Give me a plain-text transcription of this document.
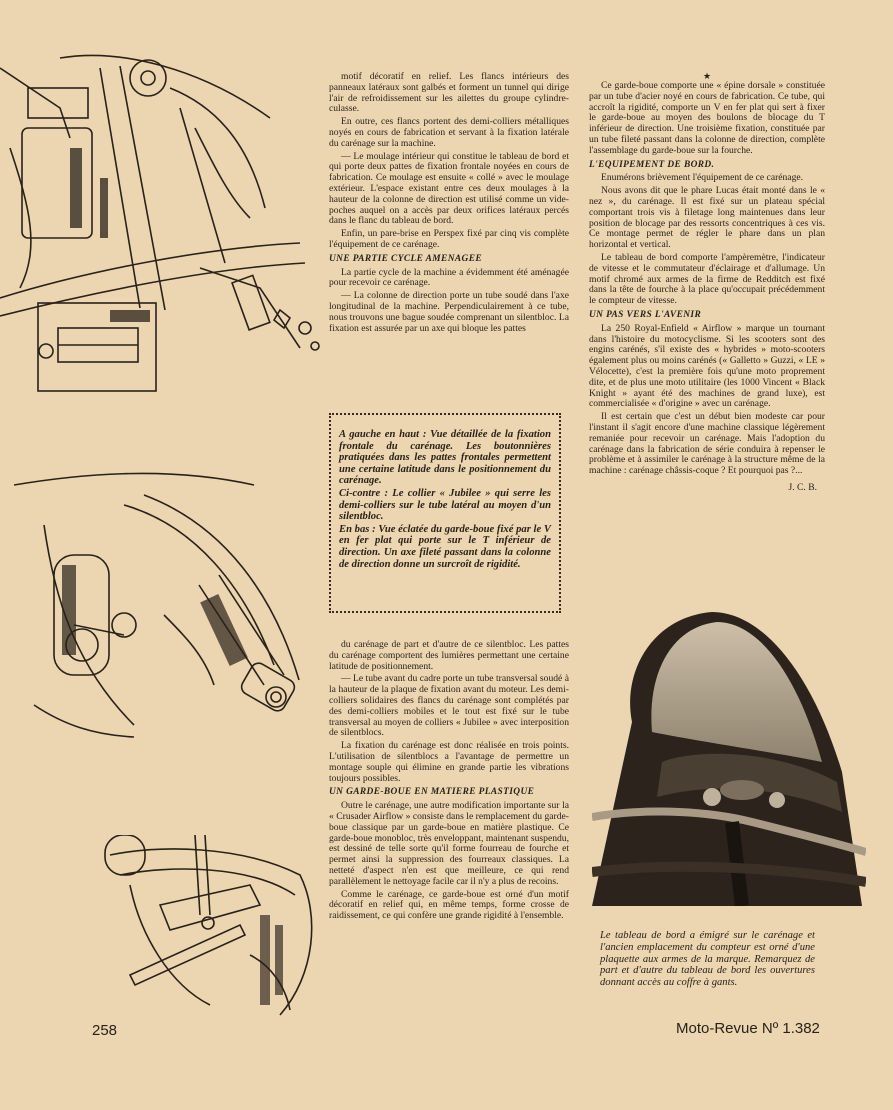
motif décoratif en relief. Les flancs intérieurs des panneaux latéraux sont galbés et forment un tunnel qui dirige l'air de refroidissement sur les ailettes du groupe cylindre-culasse.

En outre, ces flancs portent des demi-colliers métalliques noyés en cours de fabrication et servant à la fixation latérale du carénage sur la machine.

— Le moulage intérieur qui constitue le tableau de bord et qui porte deux pattes de fixation frontale noyées en cours de fabrication. Ce moulage est ensuite « collé » avec le moulage extérieur. L'espace existant entre ces deux moulages à la hauteur de la colonne de direction est utilisé comme un vide-poches auquel on a accès par deux orifices latéraux percés dans le flanc du tableau de bord.

Enfin, un pare-brise en Perspex fixé par cinq vis complète l'équipement de ce carénage.

UNE PARTIE CYCLE AMENAGEE

La partie cycle de la machine a évidemment été aménagée pour recevoir ce carénage.

— La colonne de direction porte un tube soudé dans l'axe longitudinal de la machine. Perpendiculairement à ce tube, nous trouvons une bague soudée comprenant un silentbloc. La fixation est assurée par un axe qui bloque les pattes

A gauche en haut : Vue détaillée de la fixation frontale du carénage. Les boutonnières pratiquées dans les pattes frontales permettent une certaine latitude dans le positionnement du carénage.

Ci-contre : Le collier « Jubilee » qui serre les demi-colliers sur le tube latéral au moyen d'un silentbloc.

En bas : Vue éclatée du garde-boue fixé par le V en fer plat qui porte sur le T inférieur de direction. Un axe fileté passant dans la colonne de direction donne un surcroît de rigidité.

du carénage de part et d'autre de ce silentbloc. Les pattes du carénage comportent des lumières permettant une certaine latitude de positionnement.

— Le tube avant du cadre porte un tube transversal soudé à la hauteur de la plaque de fixation avant du moteur. Les demi-colliers solidaires des flancs du carénage sont complétés par des demi-colliers mobiles et le tout est fixé sur le tube transversal au moyen de colliers « Jubilee » avec interposition de silentblocs.

La fixation du carénage est donc réalisée en trois points. L'utilisation de silentblocs a l'avantage de permettre un montage souple qui élimine en grande partie les vibrations toujours possibles.

UN GARDE-BOUE EN MATIERE PLASTIQUE

Outre le carénage, une autre modification importante sur la « Crusader Airflow » consiste dans le remplacement du garde-boue classique par un garde-boue en matière plastique. Ce garde-boue monobloc, très enveloppant, maintenant suspendu, est dessiné de telle sorte qu'il forme fourreau de fourche et permet ainsi la suppression des fourreaux classiques. La netteté d'aspect n'en est que meilleure, ce qui rend parallèlement le nettoyage facile car il n'y a plus de recoins.

Comme le carénage, ce garde-boue est orné d'un motif décoratif en relief qui, en même temps, forme crosse de raidissement, ce qui confère une grande rigidité à l'ensemble.

★

Ce garde-boue comporte une « épine dorsale » constituée par un tube d'acier noyé en cours de fabrication. Ce tube, qui accroît la rigidité, comporte un V en fer plat qui sert à fixer le garde-boue au moyen des boulons de blocage du T inférieur de direction. Une troisième fixation, constituée par un tube fileté passant dans la colonne de direction, complète l'assemblage du garde-boue sur la fourche.

L'EQUIPEMENT DE BORD.

Enumérons brièvement l'équipement de ce carénage.

Nous avons dit que le phare Lucas était monté dans le « nez », du carénage. Il est fixé sur un plateau spécial comportant trois vis à filetage long maintenues dans leur position de blocage par des ressorts concentriques à ces vis. Ce montage permet de régler le phare dans un plan horizontal et vertical.

Le tableau de bord comporte l'ampèremètre, l'indicateur de vitesse et le commutateur d'éclairage et d'allumage. Un motif chromé aux armes de la firme de Redditch est fixé dans la tête de fourche à la place qu'occupait précédemment le compteur de vitesse.

UN PAS VERS L'AVENIR

La 250 Royal-Enfield « Airflow » marque un tournant dans l'histoire du motocyclisme. Si les scooters sont des engins carénés, s'il existe des « hybrides » moto-scooters également plus ou moins carénés (« Galletto » Guzzi, « LE » Vélocette), c'est la première fois qu'une moto proprement dite, et de plus une moto utilitaire (les 1000 Vincent « Black Knight » ayant été des machines de grand luxe), est commercialisée « d'origine » avec un carénage.

Il est certain que c'est un début bien modeste car pour l'instant il s'agit encore d'une machine classique légèrement remaniée pour recevoir un carénage. Mais l'adoption du carénage dans la fabrication de série conduira à repenser le problème et à assimiler le carénage à la structure même de la machine : carénage châssis-coque ? Et pourquoi pas ?...

J. C. B.
Le tableau de bord a émigré sur le carénage et l'ancien emplacement du compteur est orné d'une plaquette aux armes de la marque. Remarquez de part et d'autre du tableau de bord les ouvertures donnant accès au coffre à gants.
258	Moto-Revue Nº 1.382
